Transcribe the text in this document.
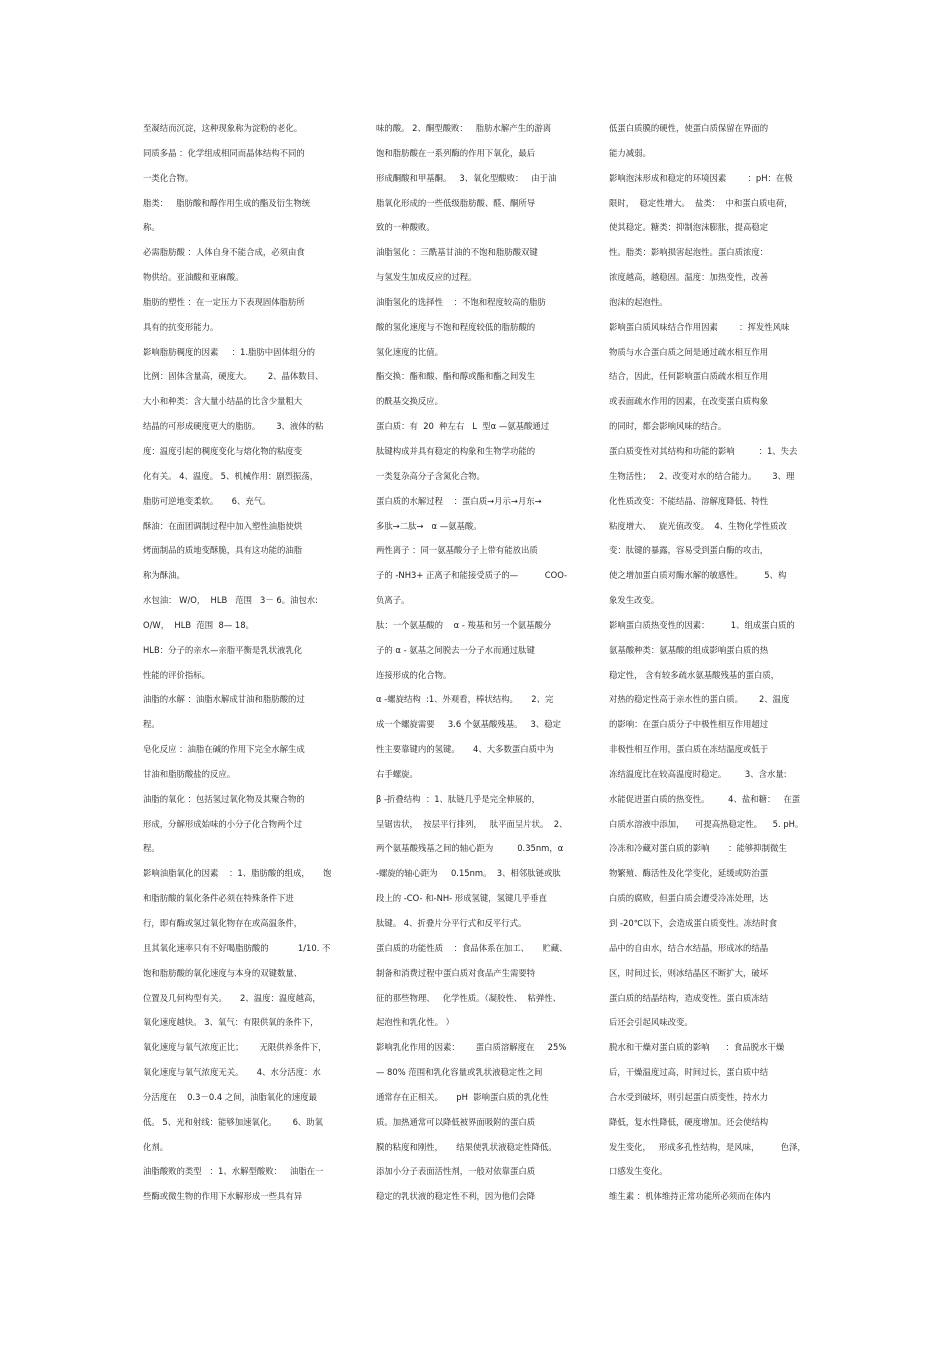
至凝结而沉淀，这种现象称为淀粉的老化。
同质多晶 ：化学组成相同而晶体结构不同的
一类化合物。
脂类：   脂肪酸和醇作用生成的酯及衍生物统
称。
必需脂肪酸 ：人体自身不能合成，必须由食
物供给。亚油酸和亚麻酸。
脂肪的塑性 ：在一定压力下表现固体脂肪所
具有的抗变形能力。
影响脂肪稠度的因素     ：1.脂肪中固体组分的
比例：固体含量高，硬度大。      2、晶体数目、
大小和种类：含大量小结晶的比含少量粗大
结晶的可形成硬度更大的脂肪。      3、液体的粘
度：温度引起的稠度变化与熔化物的粘度变
化有关。 4、温度。 5、机械作用：剧烈振荡，
脂肪可逆地变柔软。     6、充气。
酥油：在面团调制过程中加入塑性油脂使烘
烤面制品的质地变酥脆，具有这功能的油脂
称为酥油。
水包油： W/O，  HLB   范围   3－ 6。油包水:
O/W，  HLB  范围  8— 18。
HLB：分子的亲水—亲脂平衡是乳状液乳化
性能的评价指标。
油脂的水解 ：油脂水解成甘油和脂肪酸的过
程。
皂化反应 ：油脂在碱的作用下完全水解生成
甘油和脂肪酸盐的反应。
油脂的氧化 ：包括氢过氧化物及其聚合物的
形成，分解形成始味的小分子化合物两个过
程。
影响油脂氧化的因素    ：1、脂肪酸的组成，     饱
和脂肪酸的氧化条件必须在特殊条件下进
行，即有酶或氢过氧化物存在或高温条件，
且其氧化速率只有不好喝脂肪酸的           1/10. 不
饱和脂肪酸的氧化速度与本身的双键数量、
位置及几何构型有关。     2、温度：温度越高，
氧化速度越快。 3、氧气：有限供氧的条件下，
氧化速度与氧气浓度正比；      无限供养条件下，
氧化速度与氧气浓度无关。     4、水分活度：水
分活度在    0.3－0.4 之间，油脂氧化的速度最
低。 5、光和射线：能够加速氧化。      6、助氧
化剂。
油脂酸败的类型   ：1、水解型酸败：   油脂在一
些酶或微生物的作用下水解形成一些具有异
味的酸。 2、酮型酸败：   脂肪水解产生的游离
饱和脂肪酸在一系列酶的作用下氧化，最后
形成酮酸和甲基酮。   3、氧化型酸败：   由于油
脂氧化形成的一些低级脂肪酸、醛、酮所导
致的一种酸败。
油脂氢化 ：三酰基甘油的不饱和脂肪酸双键
与氢发生加成反应的过程。
油脂氢化的选择性    ：不饱和程度较高的脂肪
酸的氢化速度与不饱和程度较低的脂肪酸的
氢化速度的比值。
酯交换：酯和酸、酯和醇或酯和酯之间发生
的酰基交换反应。
蛋白质：有  20  种左右   L  型α —氨基酸通过
肽键构成并具有稳定的构象和生物学功能的
一类复杂高分子含氮化合物。
蛋白质的水解过程    ：蛋白质→月示→月东→
多肽→二肽→   α —氨基酸。
两性离子 ：同一氨基酸分子上带有能放出质
子的 -NH3+ 正离子和能接受质子的—          COO-
负离子。
肽：一个氨基酸的    α - 羧基和另一个氨基酸分
子的 α - 氨基之间脱去一分子水而通过肽键
连接形成的化合物。
α -螺旋结构  :1、外观看，棒状结构。     2、完
成一个螺旋需要     3.6 个氨基酸残基。   3、稳定
性主要靠键内的氢键。     4、大多数蛋白质中为
右手螺旋。
β -折叠结构  ：1、肽链几乎是完全伸展的，
呈锯齿状，  按层平行排列，   肽平面呈片状。  2、
两个氨基酸残基之间的轴心距为         0.35nm，α
-螺旋的轴心距为     0.15nm。  3、相邻肽链或肽
段上的 -CO- 和-NH- 形成氢键，氢键几乎垂直
肽键。 4、折叠片分平行式和反平行式。
蛋白质的功能性质    ：食品体系在加工、     贮藏、
制备和消费过程中蛋白质对食品产生需要特
征的那些物理、   化学性质。（凝胶性、  粘弹性、
起泡性和乳化性。 ）
影响乳化作用的因素：      蛋白质溶解度在     25%
— 80% 范围和乳化容量或乳状液稳定性之间
通常存在正相关。     pH  影响蛋白质的乳化性
质。加热通常可以降低被界面吸附的蛋白质
膜的粘度和刚性，     结果使乳状液稳定性降低。
添加小分子表面活性剂，一般对依靠蛋白质
稳定的乳状液的稳定性不利，因为他们会降
低蛋白质膜的硬性，使蛋白质保留在界面的
能力减弱。
影响泡沫形成和稳定的环境因素        ：pH：在极
限时，  稳定性增大。  盐类：  中和蛋白质电荷，
使其稳定。糖类：抑制泡沫膨胀，提高稳定
性。脂类：影响损害起泡性。蛋白质浓度：
浓度越高，越稳固。温度：加热变性，改善
泡沫的起泡性。
影响蛋白质风味结合作用因素        ：挥发性风味
物质与水合蛋白质之间是通过疏水相互作用
结合，因此，任何影响蛋白质疏水相互作用
或表面疏水作用的因素，在改变蛋白质构象
的同时，都会影响风味的结合。
蛋白质变性对其结构和功能的影响         ：1、失去
生物活性；   2、改变对水的结合能力。      3、理
化性质改变：不能结晶、溶解度降低、特性
粘度增大、   旋光值改变。  4、生物化学性质改
变：肽键的暴露，容易受到蛋白酶的攻击，
使之增加蛋白质对酶水解的敏感性。        5、构
象发生改变。
影响蛋白质热变性的因素：        1、组成蛋白质的
氨基酸种类：氨基酸的组成影响蛋白质的热
稳定性， 含有较多疏水氨基酸残基的蛋白质，
对热的稳定性高于亲水性的蛋白质。      2、温度
的影响：在蛋白质分子中极性相互作用超过
非极性相互作用，蛋白质在冻结温度或低于
冻结温度比在较高温度时稳定。       3、含水量:
水能促进蛋白质的热变性。       4、盐和糖：   在蛋
白质水溶液中添加，    可提高热稳定性。    5. pH。
冷冻和冷藏对蛋白质的影响       ：能够抑制微生
物繁殖、酶活性及化学变化，延缓或防治蛋
白质的腐败，但蛋白质会遭受冷冻处理，达
到 -20℃以下，会造成蛋白质变性。冻结时食
品中的自由水，结合水结晶，形成冰的结晶
区，时间过长，则冰结晶区不断扩大，破坏
蛋白质的结晶结构，造成变性。蛋白质冻结
后还会引起风味改变。
脱水和干燥对蛋白质的影响      ：食品脱水干燥
后，干燥温度过高，时间过长，蛋白质中结
合水受到破坏，则引起蛋白质变性，持水力
降低，复水性降低，硬度增加。还会使结构
发生变化，   形成多孔性结构，是风味，        色泽，
口感发生变化。
维生素 ：机体维持正常功能所必须而在体内
